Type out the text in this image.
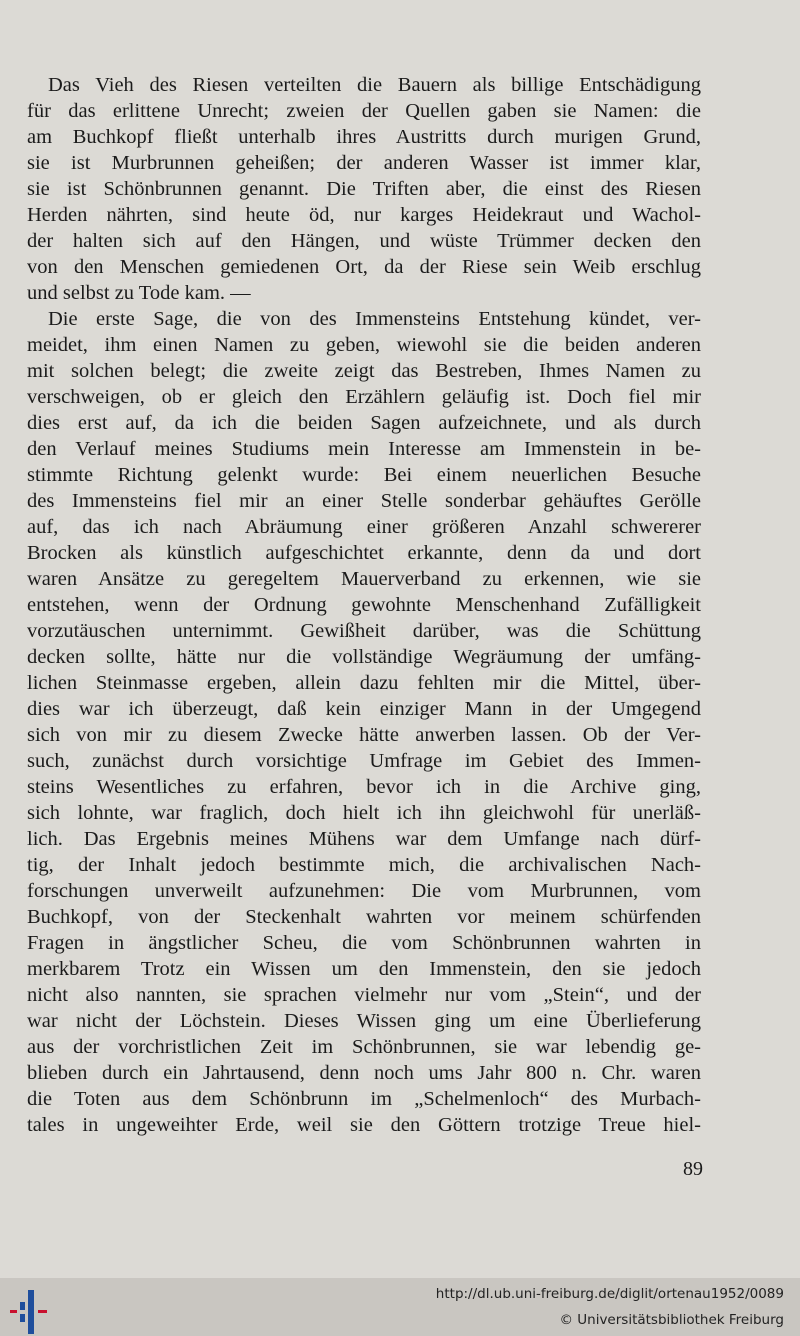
Das Vieh des Riesen verteilten die Bauern als billige Entschädigung
für das erlittene Unrecht; zweien der Quellen gaben sie Namen: die
am Buchkopf fließt unterhalb ihres Austritts durch murigen Grund,
sie ist Murbrunnen geheißen; der anderen Wasser ist immer klar,
sie ist Schönbrunnen genannt. Die Triften aber, die einst des Riesen
Herden nährten, sind heute öd, nur karges Heidekraut und Wachol-
der halten sich auf den Hängen, und wüste Trümmer decken den
von den Menschen gemiedenen Ort, da der Riese sein Weib erschlug
und selbst zu Tode kam. —
Die erste Sage, die von des Immensteins Entstehung kündet, ver-
meidet, ihm einen Namen zu geben, wiewohl sie die beiden anderen
mit solchen belegt; die zweite zeigt das Bestreben, Ihmes Namen zu
verschweigen, ob er gleich den Erzählern geläufig ist. Doch fiel mir
dies erst auf, da ich die beiden Sagen aufzeichnete, und als durch
den Verlauf meines Studiums mein Interesse am Immenstein in be-
stimmte Richtung gelenkt wurde: Bei einem neuerlichen Besuche
des Immensteins fiel mir an einer Stelle sonderbar gehäuftes Gerölle
auf, das ich nach Abräumung einer größeren Anzahl schwererer
Brocken als künstlich aufgeschichtet erkannte, denn da und dort
waren Ansätze zu geregeltem Mauerverband zu erkennen, wie sie
entstehen, wenn der Ordnung gewohnte Menschenhand Zufälligkeit
vorzutäuschen unternimmt. Gewißheit darüber, was die Schüttung
decken sollte, hätte nur die vollständige Wegräumung der umfäng-
lichen Steinmasse ergeben, allein dazu fehlten mir die Mittel, über-
dies war ich überzeugt, daß kein einziger Mann in der Umgegend
sich von mir zu diesem Zwecke hätte anwerben lassen. Ob der Ver-
such, zunächst durch vorsichtige Umfrage im Gebiet des Immen-
steins Wesentliches zu erfahren, bevor ich in die Archive ging,
sich lohnte, war fraglich, doch hielt ich ihn gleichwohl für unerläß-
lich. Das Ergebnis meines Mühens war dem Umfange nach dürf-
tig, der Inhalt jedoch bestimmte mich, die archivalischen Nach-
forschungen unverweilt aufzunehmen: Die vom Murbrunnen, vom
Buchkopf, von der Steckenhalt wahrten vor meinem schürfenden
Fragen in ängstlicher Scheu, die vom Schönbrunnen wahrten in
merkbarem Trotz ein Wissen um den Immenstein, den sie jedoch
nicht also nannten, sie sprachen vielmehr nur vom „Stein“, und der
war nicht der Löchstein. Dieses Wissen ging um eine Überlieferung
aus der vorchristlichen Zeit im Schönbrunnen, sie war lebendig ge-
blieben durch ein Jahrtausend, denn noch ums Jahr 800 n. Chr. waren
die Toten aus dem Schönbrunn im „Schelmenloch“ des Murbach-
tales in ungeweihter Erde, weil sie den Göttern trotzige Treue hiel-
89
http://dl.ub.uni-freiburg.de/diglit/ortenau1952/0089
© Universitätsbibliothek Freiburg
